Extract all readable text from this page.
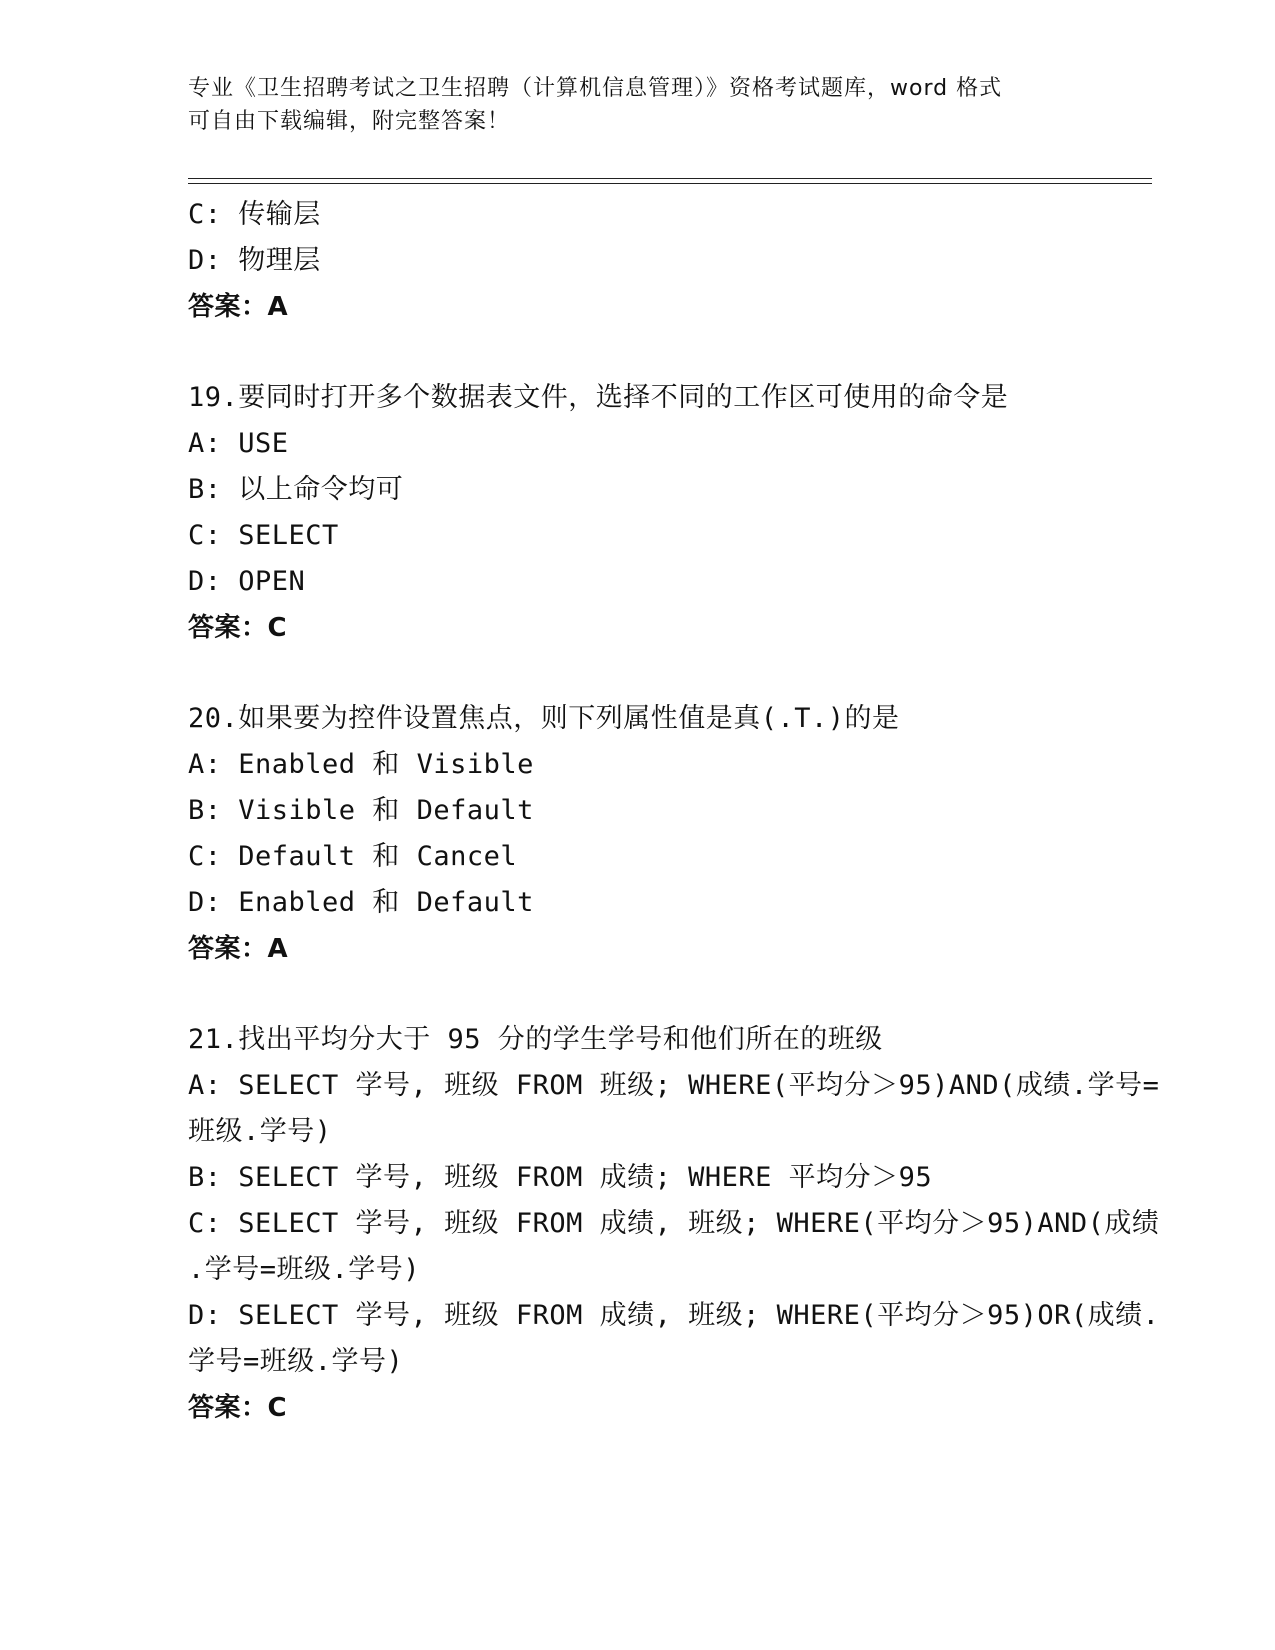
专业《卫生招聘考试之卫生招聘（计算机信息管理）》资格考试题库，word 格式
可自由下载编辑，附完整答案！
C: 传输层
D: 物理层
答案：A
19.要同时打开多个数据表文件，选择不同的工作区可使用的命令是
A: USE
B: 以上命令均可
C: SELECT
D: OPEN
答案：C
20.如果要为控件设置焦点，则下列属性值是真(.T.)的是
A: Enabled 和 Visible
B: Visible 和 Default
C: Default 和 Cancel
D: Enabled 和 Default
答案：A
21.找出平均分大于 95 分的学生学号和他们所在的班级
A: SELECT 学号, 班级 FROM 班级; WHERE(平均分＞95)AND(成绩.学号=
班级.学号)
B: SELECT 学号, 班级 FROM 成绩; WHERE 平均分＞95
C: SELECT 学号, 班级 FROM 成绩, 班级; WHERE(平均分＞95)AND(成绩
.学号=班级.学号)
D: SELECT 学号, 班级 FROM 成绩, 班级; WHERE(平均分＞95)OR(成绩.
学号=班级.学号)
答案：C
